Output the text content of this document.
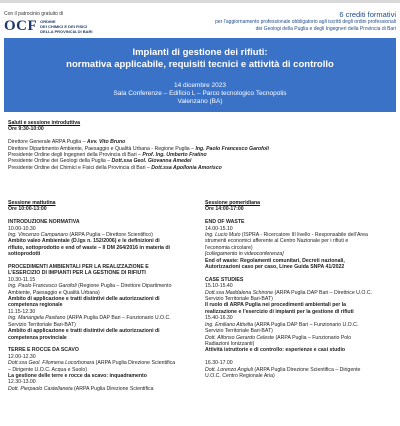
Con il patrocinio gratuito di
OCF ORDINE
DEI CHIMICI E DEI FISICI
DELLA PROVINCIA DI BARI
6 crediti formativi
per l’aggiornamento professionale obbligatorio agli iscritti degli ordini professionali
dei Geologi della Puglia e degli Ingegneri della Provincia di Bari
Impianti di gestione dei rifiuti:
normativa applicabile, requisiti tecnici e attività di controllo
14 dicembre 2023
Sala Conferenze – Edificio L – Parco tecnologico Tecnopolis
Valenzano (BA)
Saluti e sessione introduttiva
Ore 9:30-10:00
Direttore Generale ARPA Puglia – Avv. Vito Bruno
Direttore Dipartimento Ambiente, Paesaggio e Qualità Urbana - Regione Puglia – Ing. Paolo Francesco Garofoli
Presidente Ordine degli Ingegneri della Provincia di Bari – Prof. Ing. Umberto Fratino
Presidente Ordine dei Geologi della Puglia – Dott.ssa Geol. Giovanna Amedei
Presidente Ordine dei Chimici e Fisici della Provincia di Bari – Dott.ssa Apollonia Amorisco
Sessione mattutina
Ore 10:00-13:00
INTRODUZIONE NORMATIVA
10.00-10.30
Ing. Vincenzo Campanaro (ARPA Puglia – Direttore Scientifico)
Ambito valeo Ambientale (D.lgs n. 152/2006) e le definizioni di
rifiuto, sottoprodotto e end of waste – Il DM 264/2016 in materia di
sottoprodotti
PROCEDIMENTI AMBIENTALI PER LA REALIZZAZIONE E
L’ESERCIZIO DI IMPIANTI PER LA GESTIONE DI RIFIUTI
10.30-11.15
Ing. Paolo Francesco Garofoli (Regione Puglia – Direttore Dipartimento
Ambiente, Paesaggio e Qualità Urbana)
Ambito di applicazione e tratti distintivi delle autorizzazioni di
competenza regionale
11.15-12.30
Ing. Mariangela Pasitano (ARPA Puglia DAP Bari – Funzionario U.O.C.
Servizio Territoriale Bari-BAT)
Ambito di applicazione e tratti distintivi delle autorizzazioni di
competenza provinciale
TERRE E ROCCE DA SCAVO
12.00-12.30
Dott.ssa Geol. Filomena Locorbonara (ARPA Puglia Direzione Scientifica
– Dirigente U.O.C. Acqua e Suolo)
La gestione delle terre e rocce da scavo: inquadramento
12.30-13.00
Dott. Pierpaolo Castellaneta (ARPA Puglia Direzione Scientifica
Sessione pomeridiana
Ore 14:00-17:00
END OF WASTE
14.00-15.10
Ing. Lucio Muto (ISPRA - Ricercatore III livello - Responsabile dell’Area
strumenti economici afferente al Centro Nazionale per i rifiuti e
l’economia circolare)
[collegamento in videoconferenza]
End of waste: Regolamenti comunitari, Decreti nazionali,
Autorizzazioni caso per caso, Linee Guida SNPA 41/2022
CASE STUDIES
15.10-15.40
Dott.ssa Maddalena Schirone (ARPA Puglia DAP Bari – Direttrice U.O.C.
Servizio Territoriale Bari-BAT)
Il ruolo di ARPA Puglia nei procedimenti ambientali per la
realizzazione e l’esercizio di impianti per la gestione di rifiuti
15.40-16.30
Ing. Emiliano Attivitia (ARPA Puglia DAP Bari – Funzionario U.O.C.
Servizio Territoriale Bari-BAT)
Dott. Alfonso Gerardo Celeste (ARPA Puglia – Funzionario Polo
Radiazioni Ionizzanti)
Attività istruttorie e di controllo: esperienze e casi studio
16.30-17.00
Dott. Lorenzo Angiuli (ARPA Puglia Direzione Scientifica – Dirigente
U.O.C. Centro Regionale Aria)
